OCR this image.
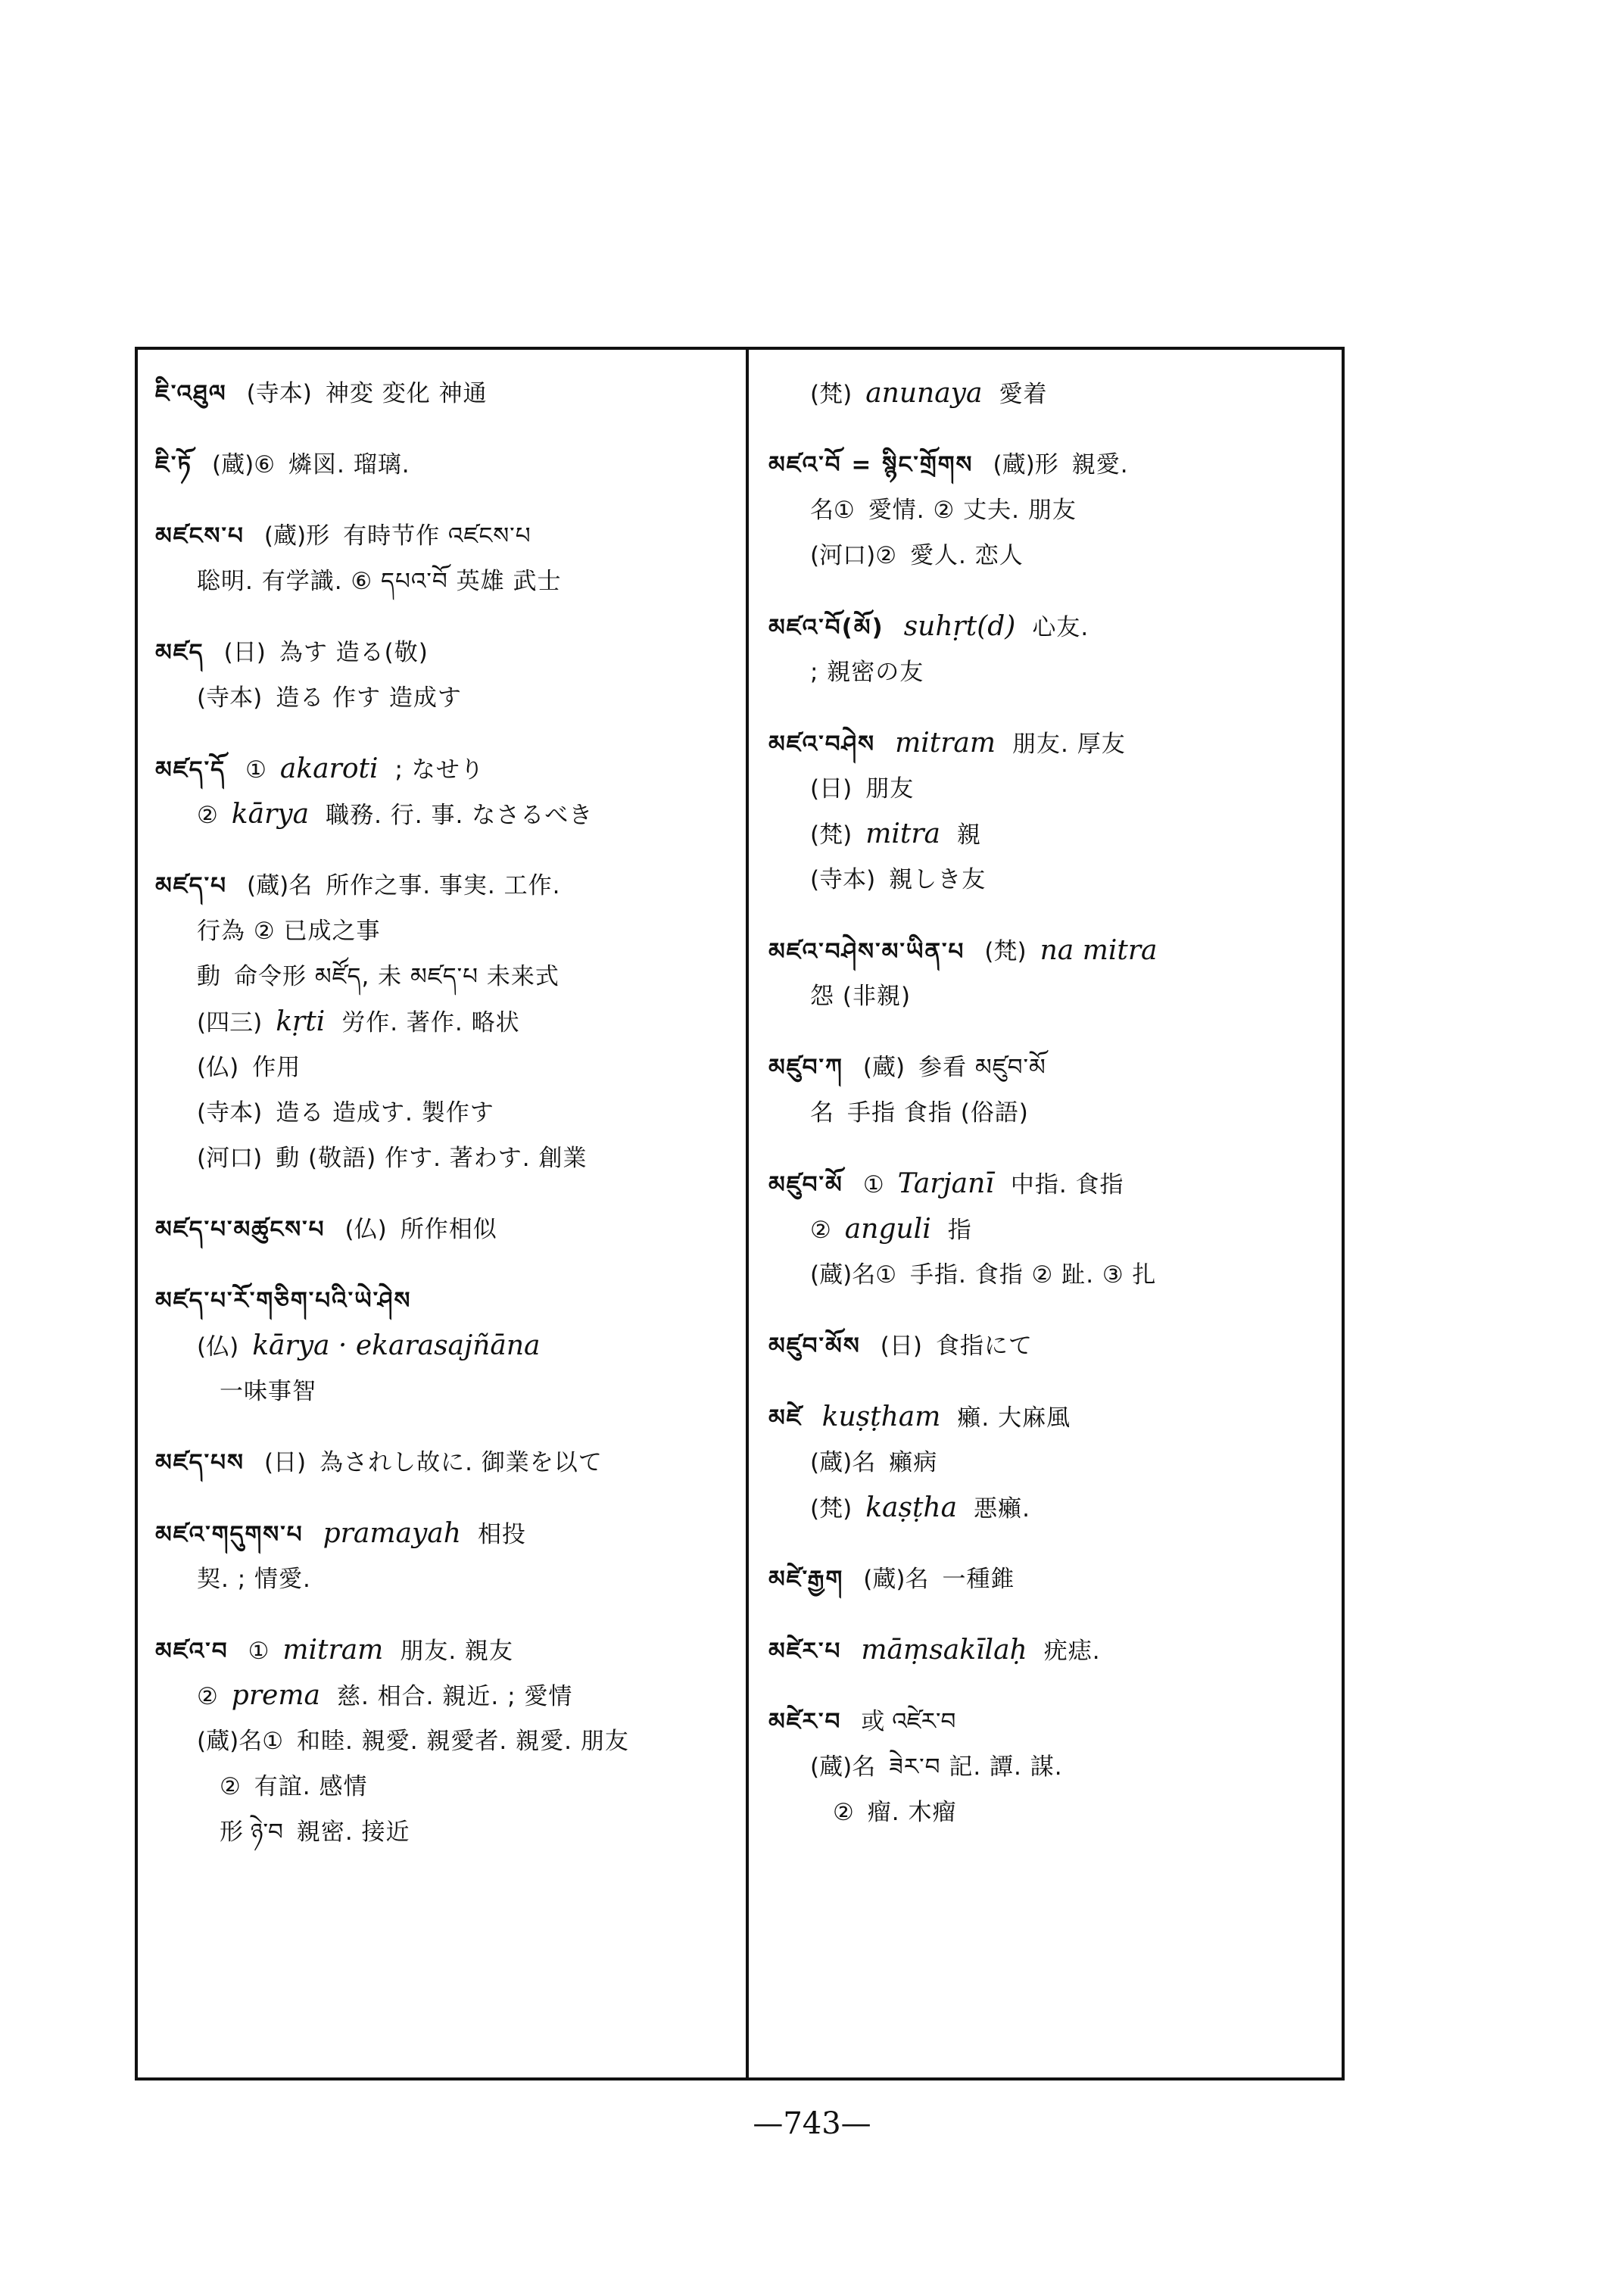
ཇི་འཐུལ (寺本) 神変 変化 神通
ཇི་ཏོ (蔵)⑥ 燐図. 瑠璃.
མཛངས་པ (蔵)形 有時节作 འཛངས་པ
聡明. 有学識. ⑥ དཔའ་བོ 英雄 武士
མཛད (日) 為す 造る(敬)
(寺本) 造る 作す 造成す
མཛད་དོ ① akaroti ; なせり
② kārya 職務. 行. 事. なさるべき
མཛད་པ (蔵)名 所作之事. 事実. 工作.
行為 ② 已成之事
動 命令形 མཛོད, 未 མཛད་པ 未来式
(四三) kṛti 労作. 著作. 略状
(仏) 作用
(寺本) 造る 造成す. 製作す
(河口) 動 (敬語) 作す. 著わす. 創業
མཛད་པ་མཚུངས་པ (仏) 所作相似
མཛད་པ་རོ་གཅིག་པའི་ཡེ་ཤེས
(仏) kārya · ekarasajñāna
一味事智
མཛད་པས (日) 為されし故に. 御業を以て
མཛའ་གདུགས་པ pramayah 相投
契. ; 情愛.
མཛའ་བ ① mitram 朋友. 親友
② prema 慈. 相合. 親近. ; 愛情
(蔵)名① 和睦. 親愛. 親愛者. 親愛. 朋友
② 有誼. 感情
形 ཉེ་བ 親密. 接近
(梵) anunaya 愛着
མཛའ་བོ = སྙིང་གྲོགས (蔵)形 親愛.
名① 愛情. ② 丈夫. 朋友
(河口)② 愛人. 恋人
མཛའ་བོ(མོ) suhṛt(d) 心友.
; 親密の友
མཛའ་བཤེས mitram 朋友. 厚友
(日) 朋友
(梵) mitra 親
(寺本) 親しき友
མཛའ་བཤེས་མ་ཡིན་པ (梵) na mitra
怨 (非親)
མཛུབ་ཀ (蔵) 参看 མཛུབ་མོ
名 手指 食指 (俗語)
མཛུབ་མོ ① Tarjanī 中指. 食指
② anguli 指
(蔵)名① 手指. 食指 ② 趾. ③ 扎
མཛུབ་མོས (日) 食指にて
མཛེ kuṣṭham 癩. 大麻風
(蔵)名 癩病
(梵) kaṣṭha 悪癩.
མཛེ་རྒྱག (蔵)名 一種錐
མཛེར་པ māṃsakīlaḥ 疣痣.
མཛེར་བ 或 འཛེར་བ
(蔵)名 ཟེར་བ 記. 譚. 謀.
② 瘤. 木瘤
—743—
